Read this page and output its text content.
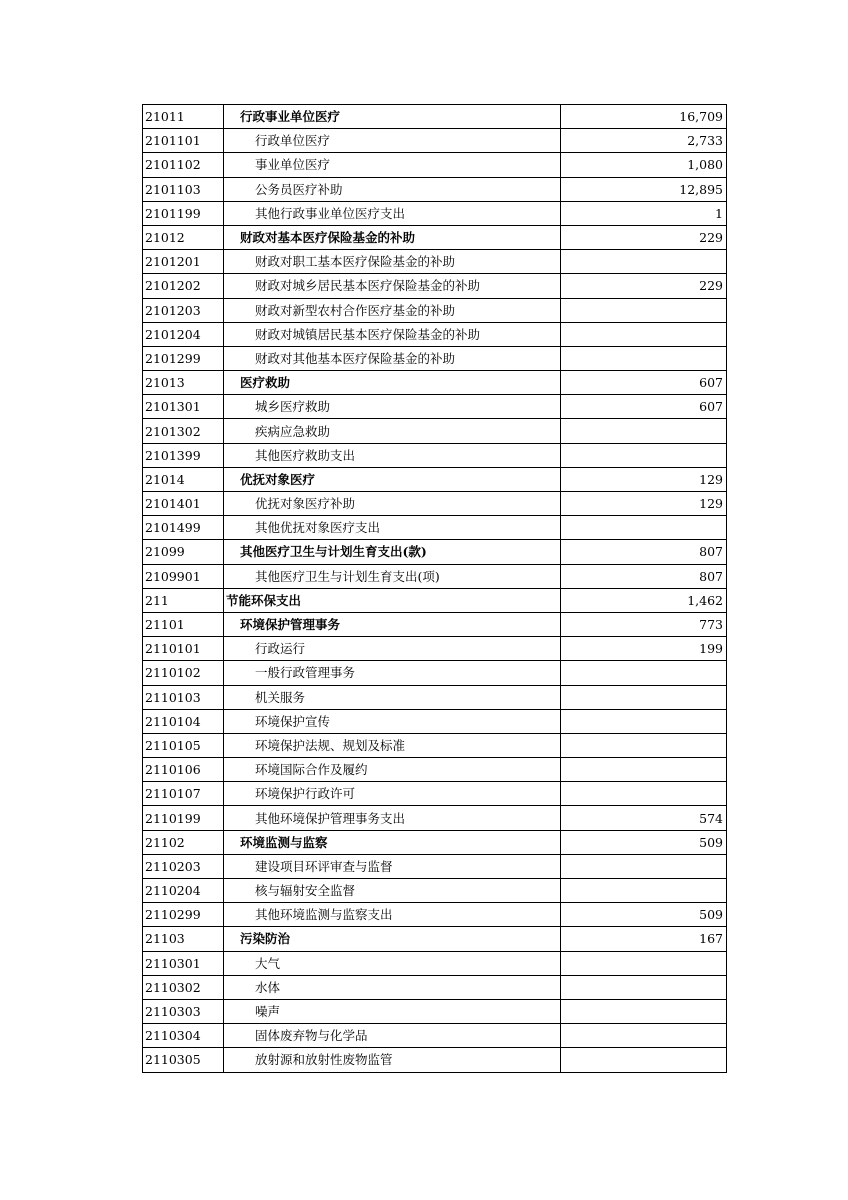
21011	行政事业单位医疗	16,709
2101101	行政单位医疗	2,733
2101102	事业单位医疗	1,080
2101103	公务员医疗补助	12,895
2101199	其他行政事业单位医疗支出	1
21012	财政对基本医疗保险基金的补助	229
2101201	财政对职工基本医疗保险基金的补助	
2101202	财政对城乡居民基本医疗保险基金的补助	229
2101203	财政对新型农村合作医疗基金的补助	
2101204	财政对城镇居民基本医疗保险基金的补助	
2101299	财政对其他基本医疗保险基金的补助	
21013	医疗救助	607
2101301	城乡医疗救助	607
2101302	疾病应急救助	
2101399	其他医疗救助支出	
21014	优抚对象医疗	129
2101401	优抚对象医疗补助	129
2101499	其他优抚对象医疗支出	
21099	其他医疗卫生与计划生育支出(款)	807
2109901	其他医疗卫生与计划生育支出(项)	807
211	节能环保支出	1,462
21101	环境保护管理事务	773
2110101	行政运行	199
2110102	一般行政管理事务	
2110103	机关服务	
2110104	环境保护宣传	
2110105	环境保护法规、规划及标准	
2110106	环境国际合作及履约	
2110107	环境保护行政许可	
2110199	其他环境保护管理事务支出	574
21102	环境监测与监察	509
2110203	建设项目环评审查与监督	
2110204	核与辐射安全监督	
2110299	其他环境监测与监察支出	509
21103	污染防治	167
2110301	大气	
2110302	水体	
2110303	噪声	
2110304	固体废弃物与化学品	
2110305	放射源和放射性废物监管	
